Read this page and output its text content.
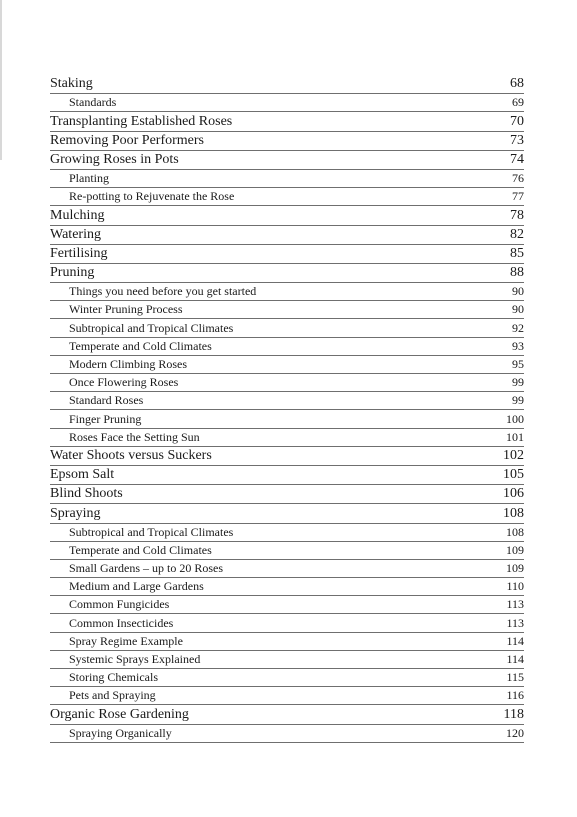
Staking	68
Standards	69
Transplanting Established Roses	70
Removing Poor Performers	73
Growing Roses in Pots	74
Planting	76
Re-potting to Rejuvenate the Rose	77
Mulching	78
Watering	82
Fertilising	85
Pruning	88
Things you need before you get started	90
Winter Pruning Process	90
Subtropical and Tropical Climates	92
Temperate and Cold Climates	93
Modern Climbing Roses	95
Once Flowering Roses	99
Standard Roses	99
Finger Pruning	100
Roses Face the Setting Sun	101
Water Shoots versus Suckers	102
Epsom Salt	105
Blind Shoots	106
Spraying	108
Subtropical and Tropical Climates	108
Temperate and Cold Climates	109
Small Gardens – up to 20 Roses	109
Medium and Large Gardens	110
Common Fungicides	113
Common Insecticides	113
Spray Regime Example	114
Systemic Sprays Explained	114
Storing Chemicals	115
Pets and Spraying	116
Organic Rose Gardening	118
Spraying Organically	120
